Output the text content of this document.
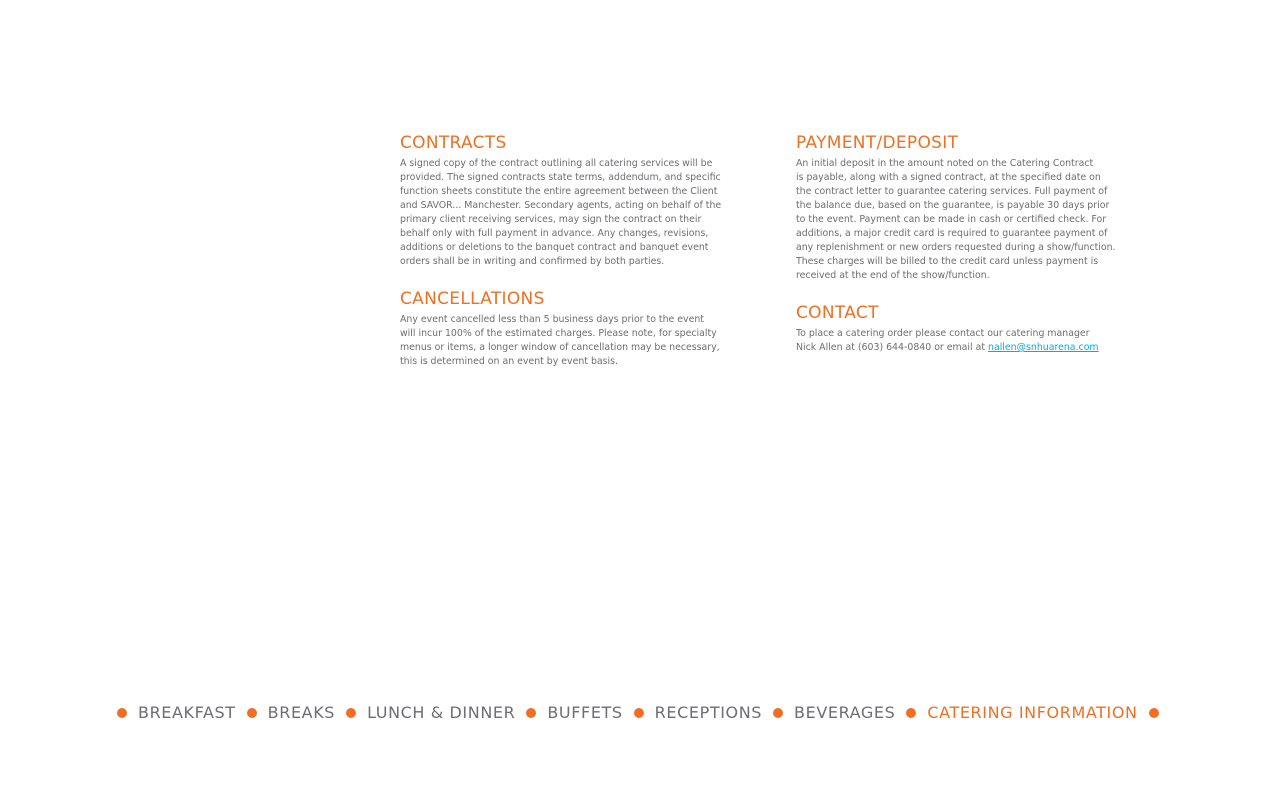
CONTRACTS

A signed copy of the contract outlining all catering services will be
provided. The signed contracts state terms, addendum, and specific
function sheets constitute the entire agreement between the Client
and SAVOR... Manchester. Secondary agents, acting on behalf of the
primary client receiving services, may sign the contract on their
behalf only with full payment in advance. Any changes, revisions,
additions or deletions to the banquet contract and banquet event
orders shall be in writing and confirmed by both parties.

CANCELLATIONS

Any event cancelled less than 5 business days prior to the event
will incur 100% of the estimated charges. Please note, for specialty
menus or items, a longer window of cancellation may be necessary,
this is determined on an event by event basis.

PAYMENT/DEPOSIT

An initial deposit in the amount noted on the Catering Contract
is payable, along with a signed contract, at the specified date on
the contract letter to guarantee catering services. Full payment of
the balance due, based on the guarantee, is payable 30 days prior
to the event. Payment can be made in cash or certified check. For
additions, a major credit card is required to guarantee payment of
any replenishment or new orders requested during a show/function.
These charges will be billed to the credit card unless payment is
received at the end of the show/function.

CONTACT

To place a catering order please contact our catering manager
Nick Allen at (603) 644-0840 or email at nallen@snhuarena.com

BREAKFAST BREAKS LUNCH & DINNER BUFFETS RECEPTIONS BEVERAGES CATERING INFORMATION
